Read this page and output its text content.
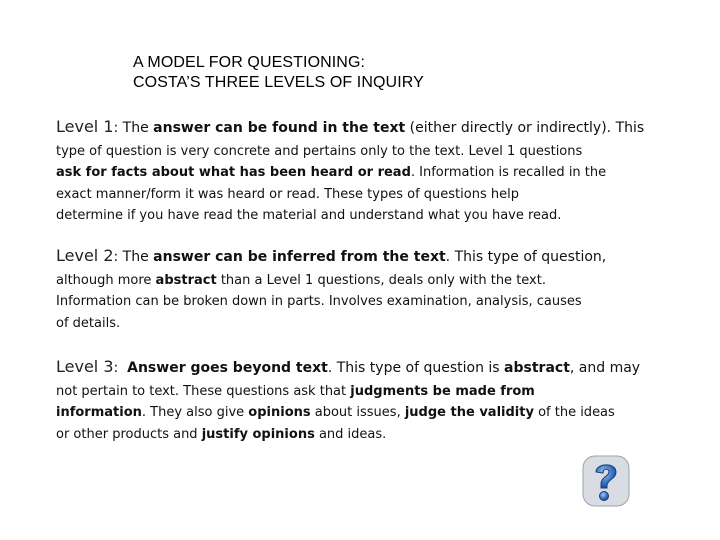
A MODEL FOR QUESTIONING:
COSTA’S THREE LEVELS OF INQUIRY
Level 1: The answer can be found in the text (either directly or indirectly). This
type of question is very concrete and pertains only to the text. Level 1 questions
ask for facts about what has been heard or read. Information is recalled in the
exact manner/form it was heard or read. These types of questions help
determine if you have read the material and understand what you have read.
Level 2: The answer can be inferred from the text. This type of question,
although more abstract than a Level 1 questions, deals only with the text.
Information can be broken down in parts. Involves examination, analysis, causes
of details.
Level 3:  Answer goes beyond text. This type of question is abstract, and may
not pertain to text. These questions ask that judgments be made from
information. They also give opinions about issues, judge the validity of the ideas
or other products and justify opinions and ideas.
